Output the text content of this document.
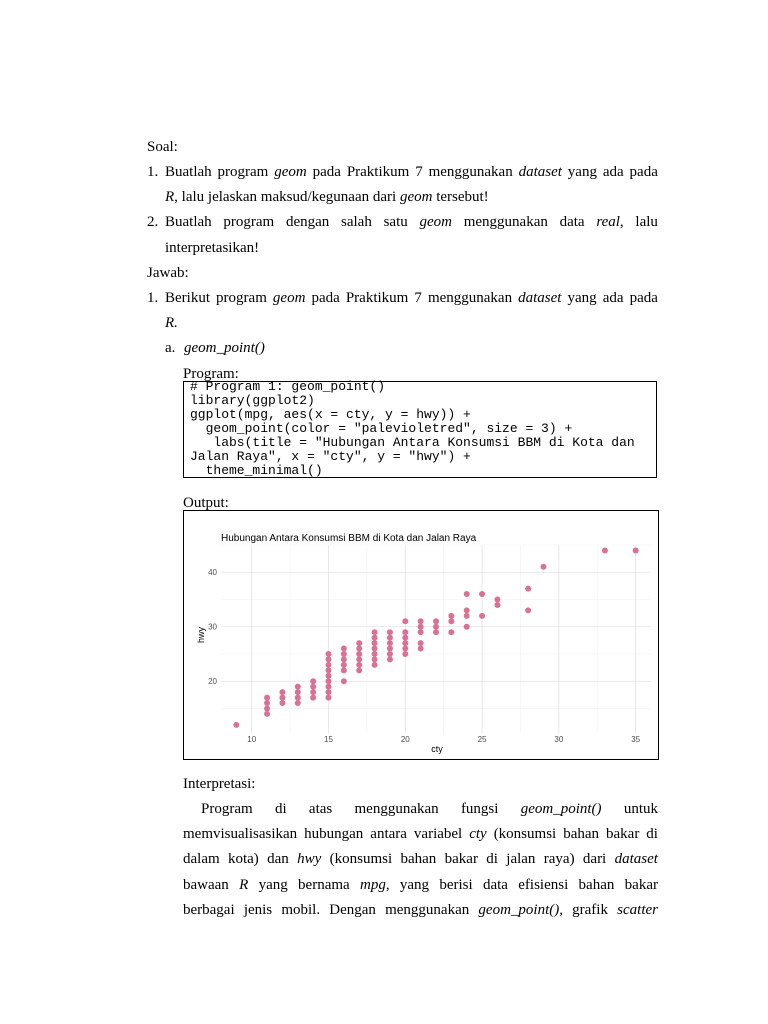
Soal:
1. Buatlah program geom pada Praktikum 7 menggunakan dataset yang ada pada
R, lalu jelaskan maksud/kegunaan dari geom tersebut!
2. Buatlah program dengan salah satu geom menggunakan data real, lalu
interpretasikan!
Jawab:
1. Berikut program geom pada Praktikum 7 menggunakan dataset yang ada pada
R.
a. geom_point()
Program:
# Program 1: geom_point()
library(ggplot2)
ggplot(mpg, aes(x = cty, y = hwy)) +
geom_point(color = "palevioletred", size = 3) +
labs(title = "Hubungan Antara Konsumsi BBM di Kota dan
Jalan Raya", x = "cty", y = "hwy") +
theme_minimal()
Output:
Hubungan Antara Konsumsi BBM di Kota dan Jalan Raya
10	15	20	25	30	35
20
30
40
cty
hwy
Interpretasi:
Program di atas menggunakan fungsi geom_point() untuk
memvisualisasikan hubungan antara variabel cty (konsumsi bahan bakar di
dalam kota) dan hwy (konsumsi bahan bakar di jalan raya) dari dataset
bawaan R yang bernama mpg, yang berisi data efisiensi bahan bakar
berbagai jenis mobil. Dengan menggunakan geom_point(), grafik scatter
